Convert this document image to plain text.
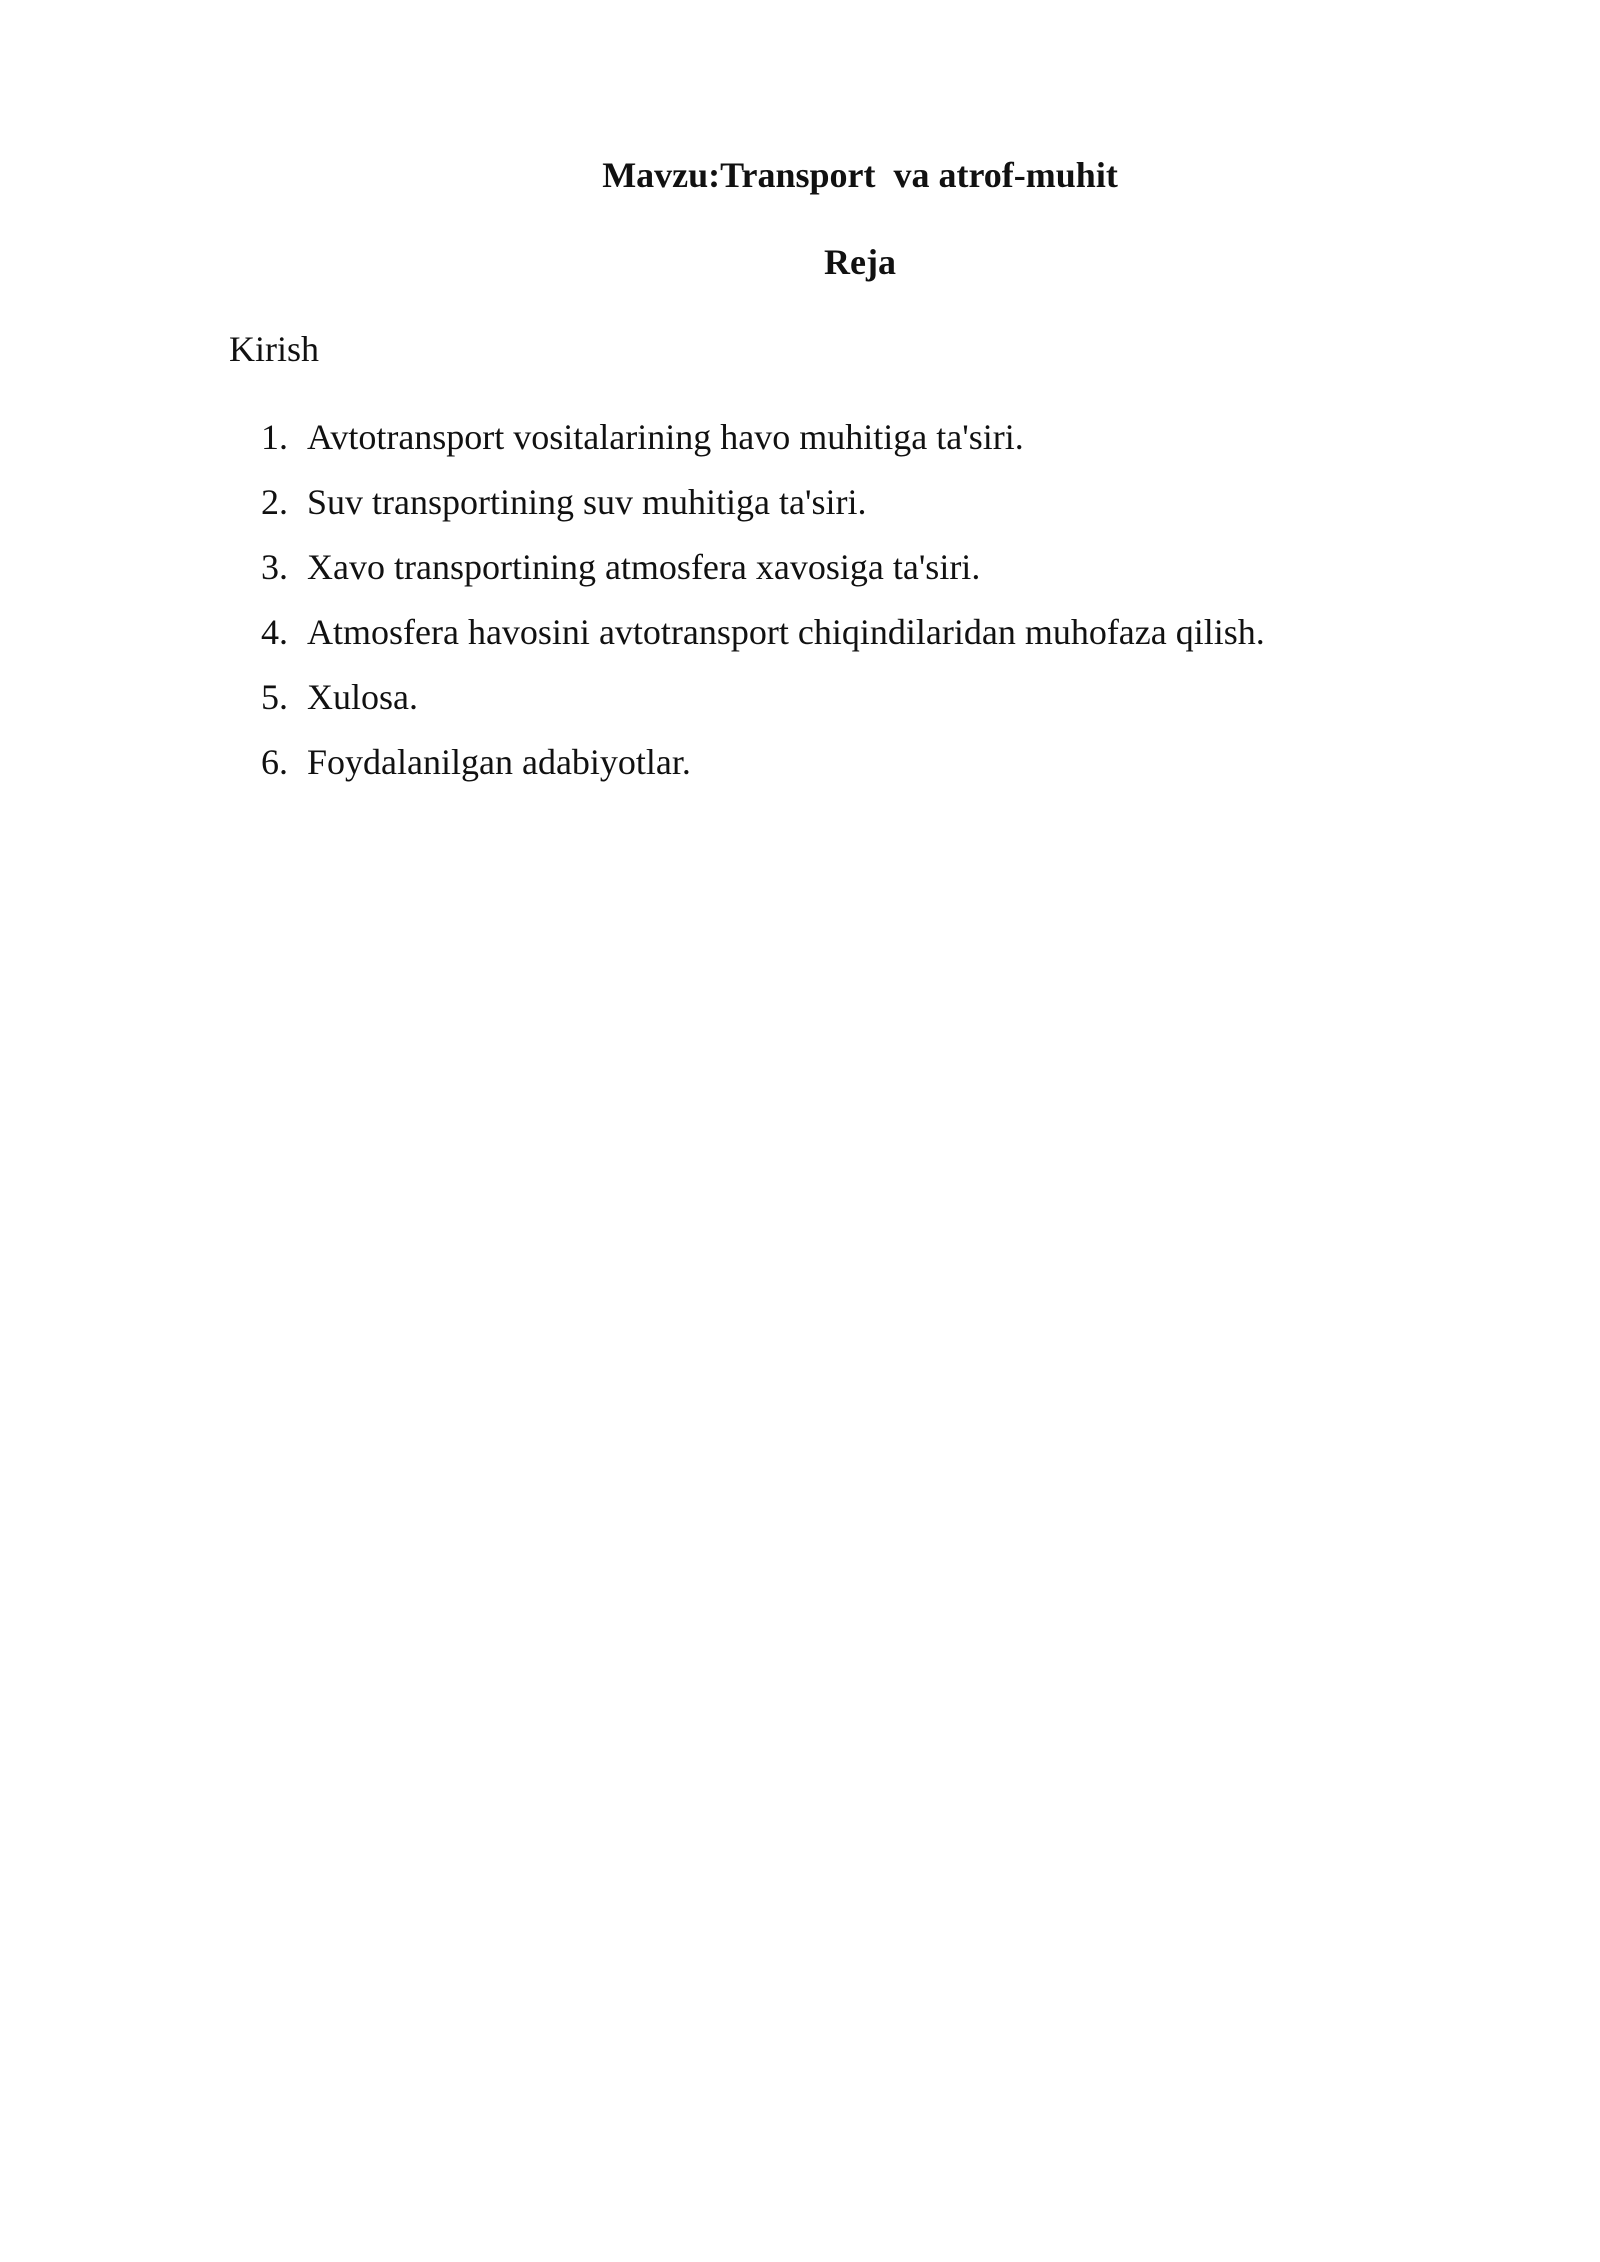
Mavzu:Transport  va atrof-muhit
Reja
Kirish
1. Avtotransport vositalarining havo muhitiga ta'siri.
2. Suv transportining suv muhitiga ta'siri.
3. Xavo transportining atmosfera xavosiga ta'siri.
4. Atmosfera havosini avtotransport chiqindilaridan muhofaza qilish.
5. Xulosa.
6. Foydalanilgan adabiyotlar.
